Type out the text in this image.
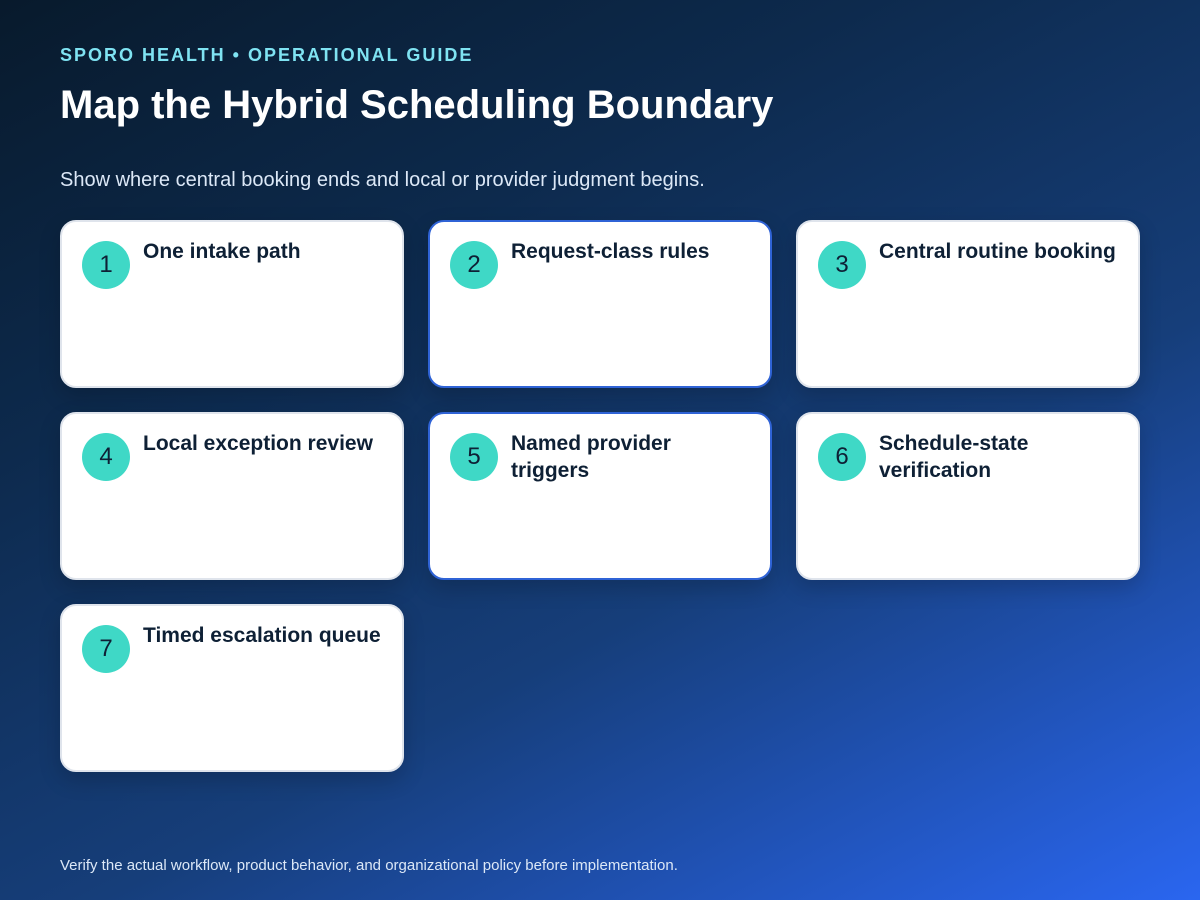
SPORO HEALTH • OPERATIONAL GUIDE
Map the Hybrid Scheduling Boundary
Show where central booking ends and local or provider judgment begins.
1	One intake path	2	Request-class rules	3	Central routine booking
4	Local exception review	5	Named provider triggers
6	Schedule-state verification
7	Timed escalation queue
Verify the actual workflow, product behavior, and organizational policy before implementation.
